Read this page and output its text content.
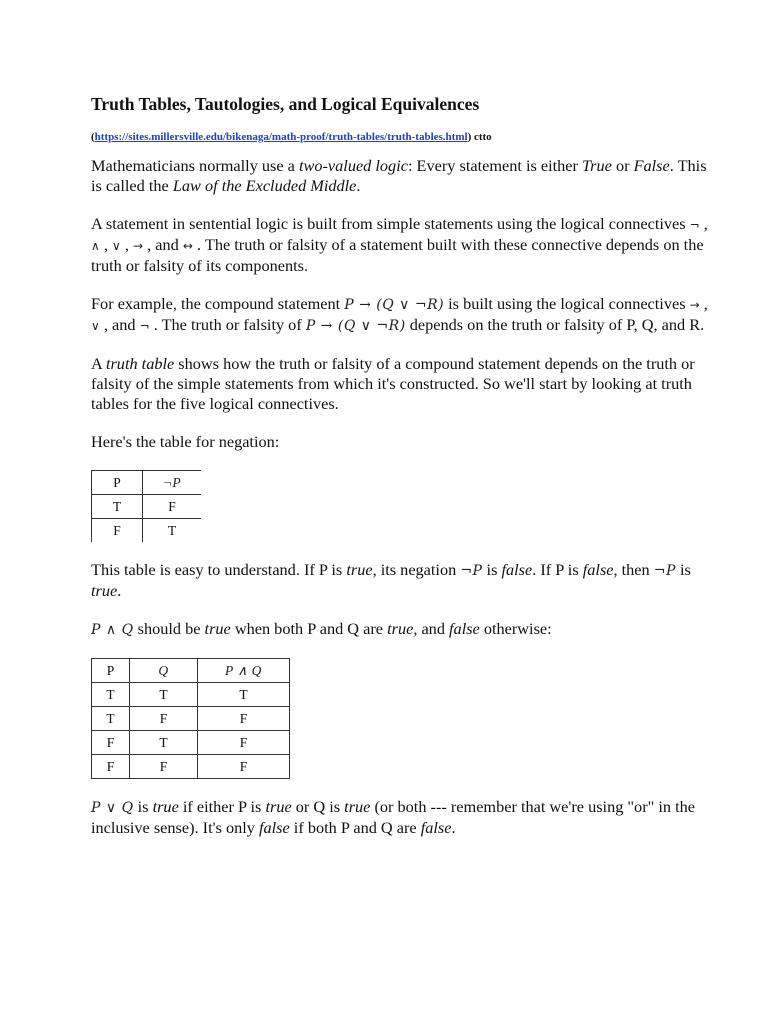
Truth Tables, Tautologies, and Logical Equivalences
(https://sites.millersville.edu/bikenaga/math-proof/truth-tables/truth-tables.html) ctto

Mathematicians normally use a two-valued logic: Every statement is either True or False. This is called the Law of the Excluded Middle.

A statement in sentential logic is built from simple statements using the logical connectives ¬ , ∧ , ∨ , → , and ↔ . The truth or falsity of a statement built with these connective depends on the truth or falsity of its components.

For example, the compound statement P → (Q ∨ ¬R) is built using the logical connectives → , ∨ , and ¬ . The truth or falsity of P → (Q ∨ ¬R) depends on the truth or falsity of P, Q, and R.

A truth table shows how the truth or falsity of a compound statement depends on the truth or falsity of the simple statements from which it's constructed. So we'll start by looking at truth tables for the five logical connectives.

Here's the table for negation:

P	¬P
T	F
F	T

This table is easy to understand. If P is true, its negation ¬P is false. If P is false, then ¬P is true.

P ∧ Q should be true when both P and Q are true, and false otherwise:

P	Q	P ∧ Q
T	T	T
T	F	F
F	T	F
F	F	F

P ∨ Q is true if either P is true or Q is true (or both --- remember that we're using "or" in the inclusive sense). It's only false if both P and Q are false.
